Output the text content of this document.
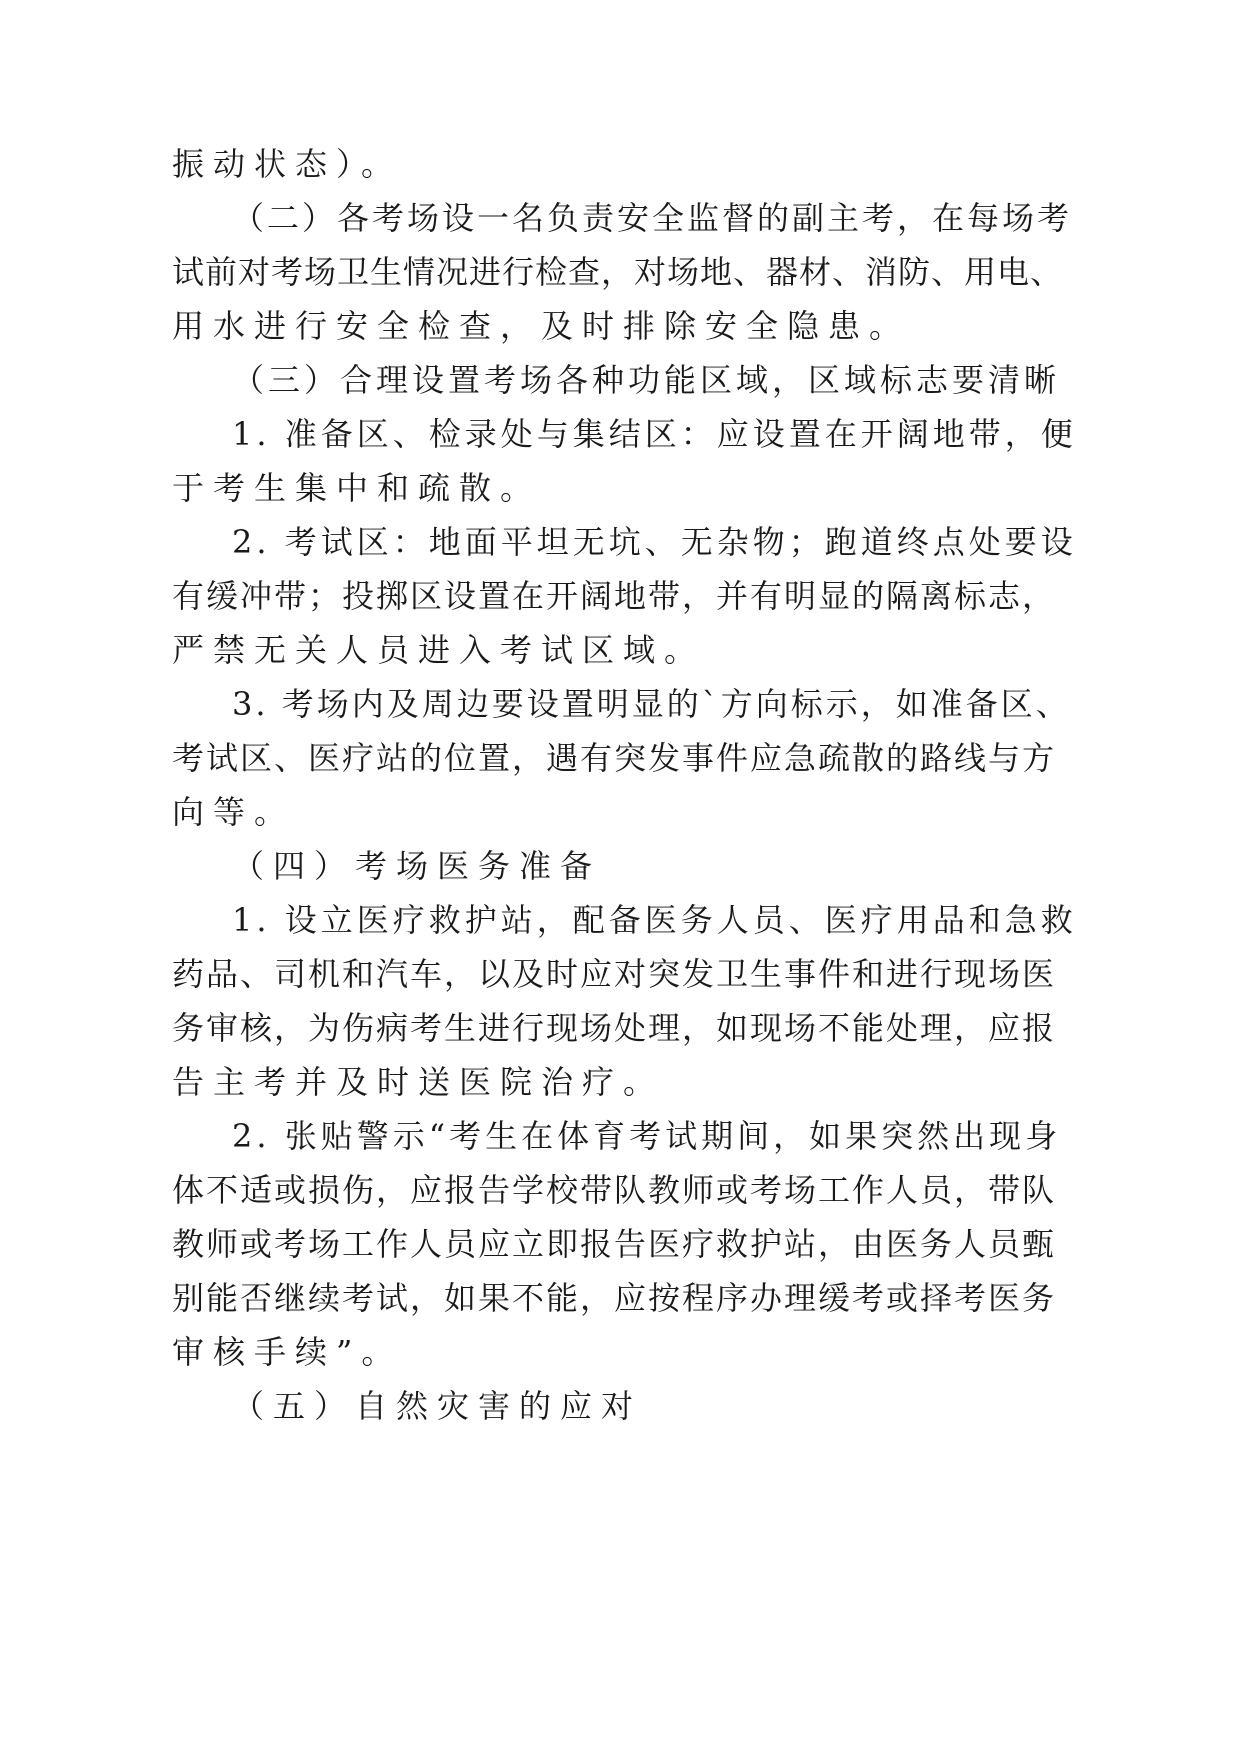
振动状态）。

（二）各考场设一名负责安全监督的副主考，在每场考

试前对考场卫生情况进行检查，对场地、器材、消防、用电、

用水进行安全检查，及时排除安全隐患。

（三）合理设置考场各种功能区域，区域标志要清晰

1. 准备区、检录处与集结区：应设置在开阔地带，便

于考生集中和疏散。

2. 考试区：地面平坦无坑、无杂物；跑道终点处要设

有缓冲带；投掷区设置在开阔地带，并有明显的隔离标志，

严禁无关人员进入考试区域。

3. 考场内及周边要设置明显的`方向标示，如准备区、

考试区、医疗站的位置，遇有突发事件应急疏散的路线与方

向等。

（四）考场医务准备

1. 设立医疗救护站，配备医务人员、医疗用品和急救

药品、司机和汽车，以及时应对突发卫生事件和进行现场医

务审核，为伤病考生进行现场处理，如现场不能处理，应报

告主考并及时送医院治疗。

2. 张贴警示“考生在体育考试期间，如果突然出现身

体不适或损伤，应报告学校带队教师或考场工作人员，带队

教师或考场工作人员应立即报告医疗救护站，由医务人员甄

别能否继续考试，如果不能，应按程序办理缓考或择考医务

审核手续”。

（五）自然灾害的应对
